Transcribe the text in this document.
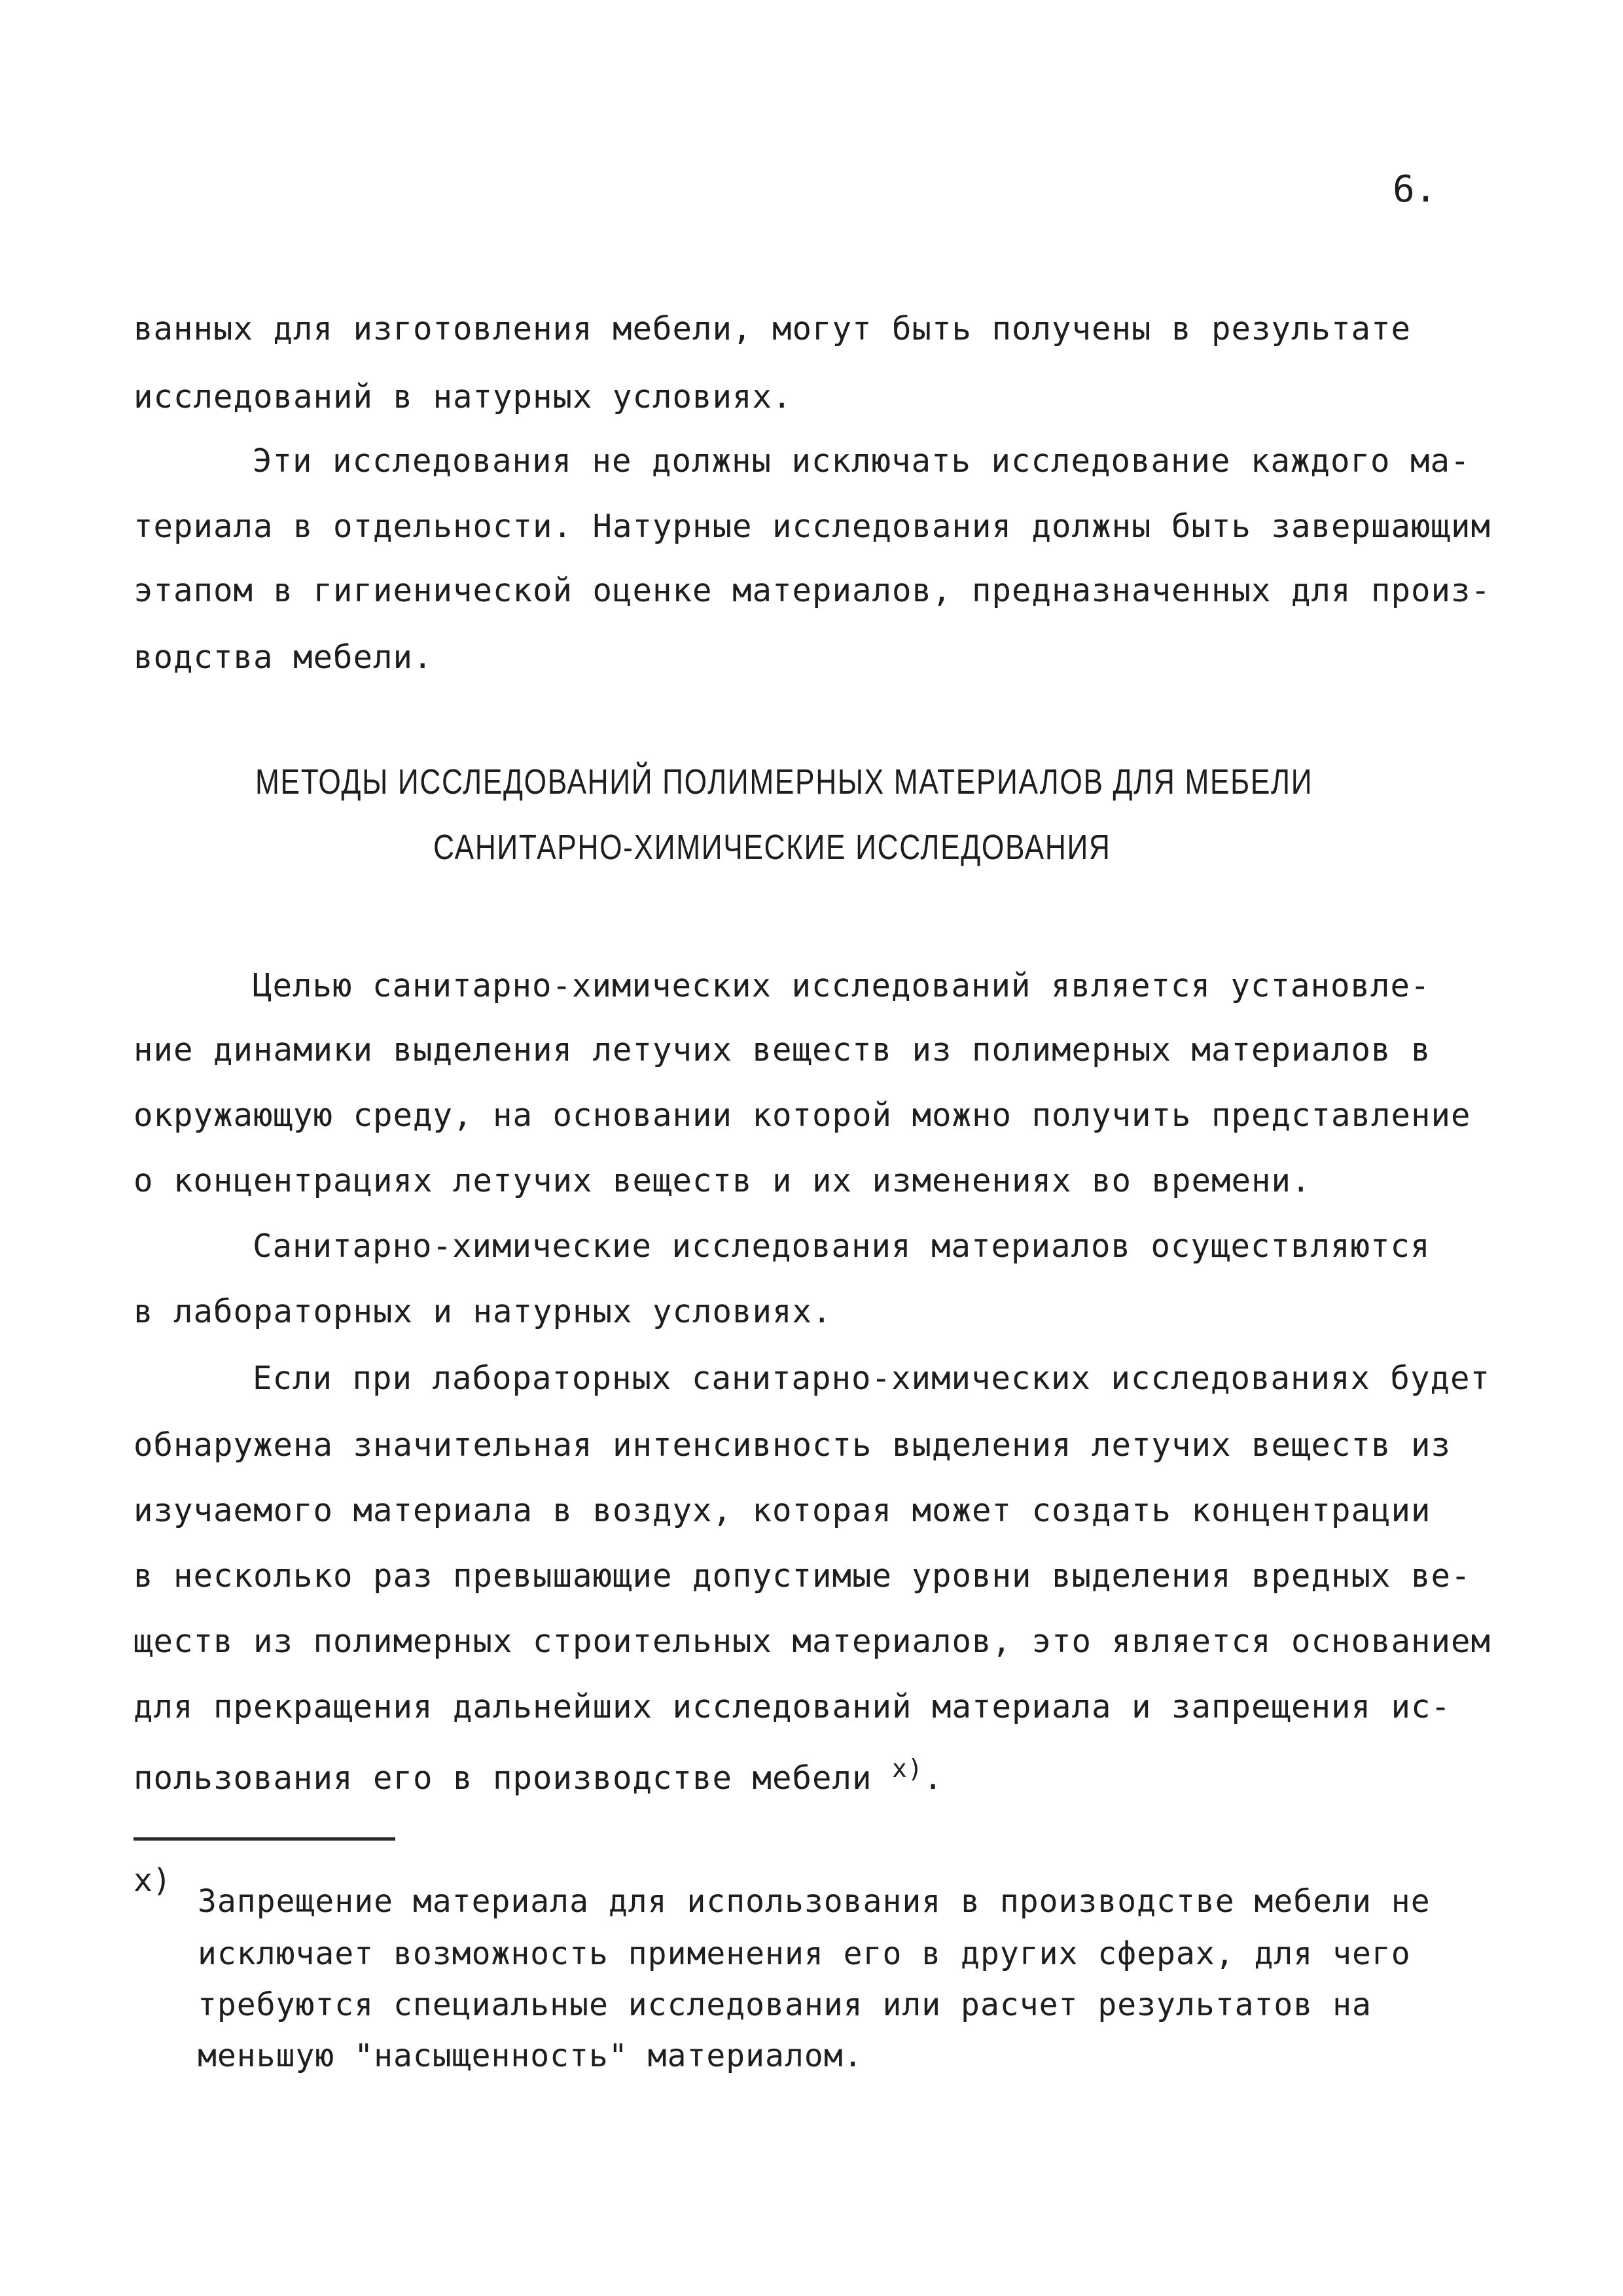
6.
ванных для изготовления мебели, могут быть получены в результате
исследований в натурных условиях.
Эти исследования не должны исключать исследование каждого ма-
териала в отдельности. Натурные исследования должны быть завершающим
этапом в гигиенической оценке материалов, предназначенных для произ-
водства мебели.
МЕТОДЫ ИССЛЕДОВАНИЙ ПОЛИМЕРНЫХ МАТЕРИАЛОВ ДЛЯ МЕБЕЛИ
САНИТАРНО-ХИМИЧЕСКИЕ ИССЛЕДОВАНИЯ
Целью санитарно-химических исследований является установле-
ние динамики выделения летучих веществ из полимерных материалов в
окружающую среду, на основании которой можно получить представление
о концентрациях летучих веществ и их изменениях во времени.
Санитарно-химические исследования материалов осуществляются
в лабораторных и натурных условиях.
Если при лабораторных санитарно-химических исследованиях будет
обнаружена значительная интенсивность выделения летучих веществ из
изучаемого материала в воздух, которая может создать концентрации
в несколько раз превышающие допустимые уровни выделения вредных ве-
ществ из полимерных строительных материалов, это является основанием
для прекращения дальнейших исследований материала и запрещения ис-
пользования его в производстве мебели $^{х)}$.
х)
Запрещение материала для использования в производстве мебели не
исключает возможность применения его в других сферах, для чего
требуются специальные исследования или расчет результатов на
меньшую "насыщенность" материалом.
